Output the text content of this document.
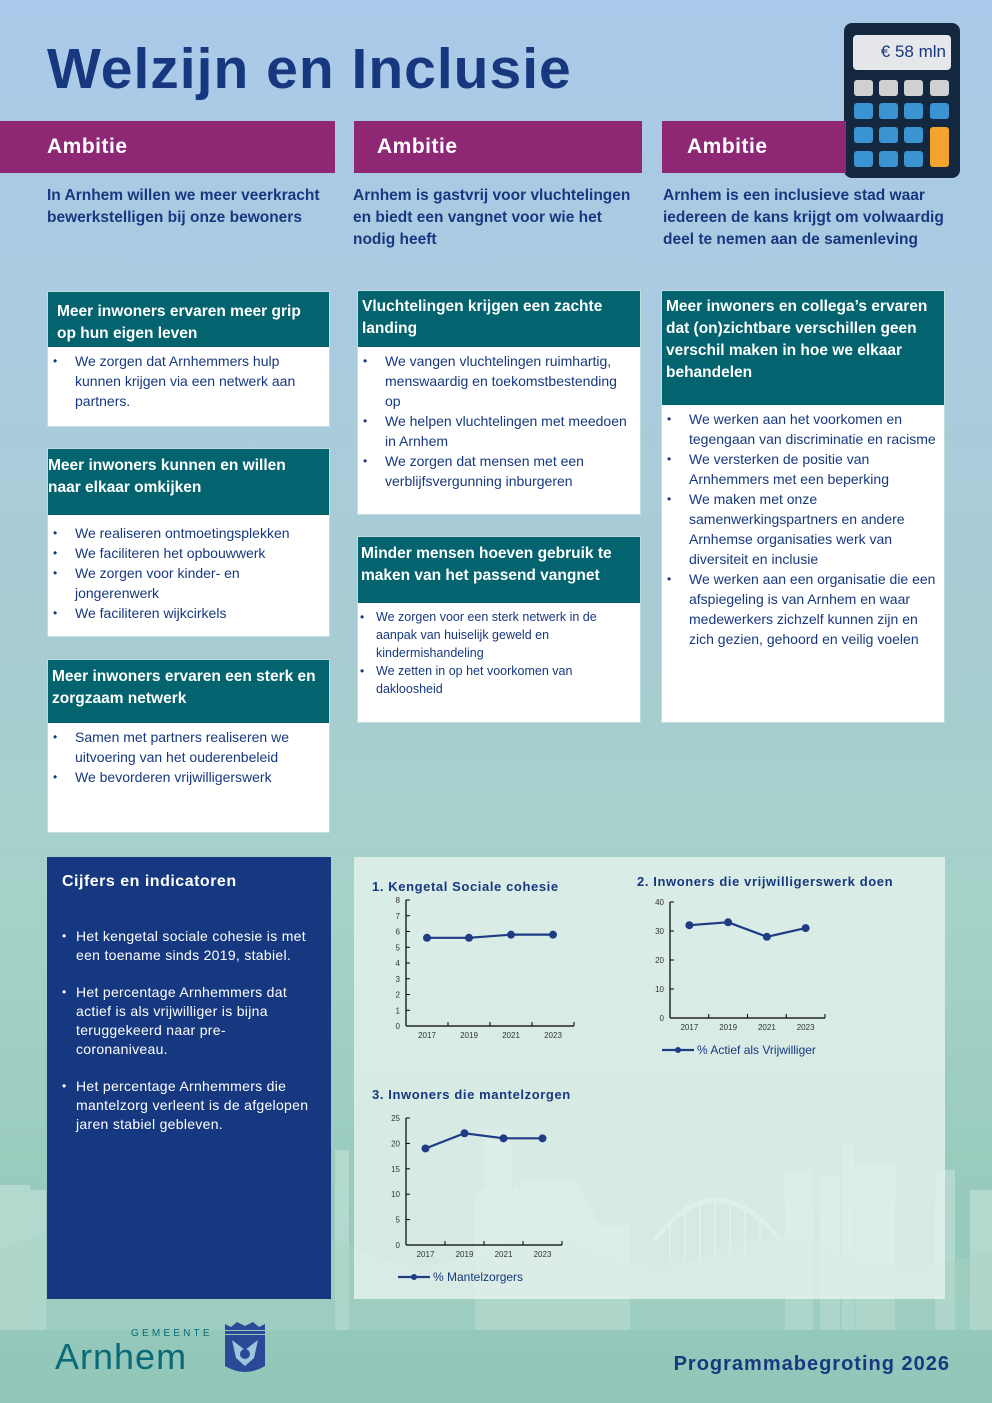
Welzijn en Inclusie	€ 58 mln
Ambitie	Ambitie	Ambitie
In Arnhem willen we meer veerkracht bewerkstelligen bij onze bewoners
Arnhem is gastvrij voor vluchtelingen en biedt een vangnet voor wie het nodig heeft
Arnhem is een inclusieve stad waar iedereen de kans krijgt om volwaardig deel te nemen aan de samenleving
Meer inwoners ervaren meer grip op hun eigen leven
• We zorgen dat Arnhemmers hulp kunnen krijgen via een netwerk aan partners.
Meer inwoners kunnen en willen naar elkaar omkijken
• We realiseren ontmoetingsplekken
• We faciliteren het opbouwwerk
• We zorgen voor kinder- en jongerenwerk
• We faciliteren wijkcirkels
Meer inwoners ervaren een sterk en zorgzaam netwerk
• Samen met partners realiseren we uitvoering van het ouderenbeleid
• We bevorderen vrijwilligerswerk
Vluchtelingen krijgen een zachte landing
• We vangen vluchtelingen ruimhartig, menswaardig en toekomstbestending op
• We helpen vluchtelingen met meedoen in Arnhem
• We zorgen dat mensen met een verblijfsvergunning inburgeren
Minder mensen hoeven gebruik te maken van het passend vangnet
• We zorgen voor een sterk netwerk in de aanpak van huiselijk geweld en kindermishandeling
• We zetten in op het voorkomen van dakloosheid
Meer inwoners en collega’s ervaren dat (on)zichtbare verschillen geen verschil maken in hoe we elkaar behandelen
• We werken aan het voorkomen en tegengaan van discriminatie en racisme
• We versterken de positie van Arnhemmers met een beperking
• We maken met onze samenwerkingspartners en andere Arnhemse organisaties werk van diversiteit en inclusie
• We werken aan een organisatie die een afspiegeling is van Arnhem en waar medewerkers zichzelf kunnen zijn en zich gezien, gehoord en veilig voelen
Cijfers en indicatoren
• Het kengetal sociale cohesie is met een toename sinds 2019, stabiel.
• Het percentage Arnhemmers dat actief is als vrijwilliger is bijna teruggekeerd naar pre-coronaniveau.
• Het percentage Arnhemmers die mantelzorg verleent is de afgelopen jaren stabiel gebleven.
1. Kengetal Sociale cohesie
0
1
2
3
4
5
6
7
8
2017	2019	2021	2023
2. Inwoners die vrijwilligerswerk doen
0
10
20
30
40
2017	2019	2021	2023
% Actief als Vrijwilliger
3. Inwoners die mantelzorgen
0
5
10
15
20
25
2017	2019	2021	2023
% Mantelzorgers
GEMEENTE
Arnhem	Programmabegroting 2026
